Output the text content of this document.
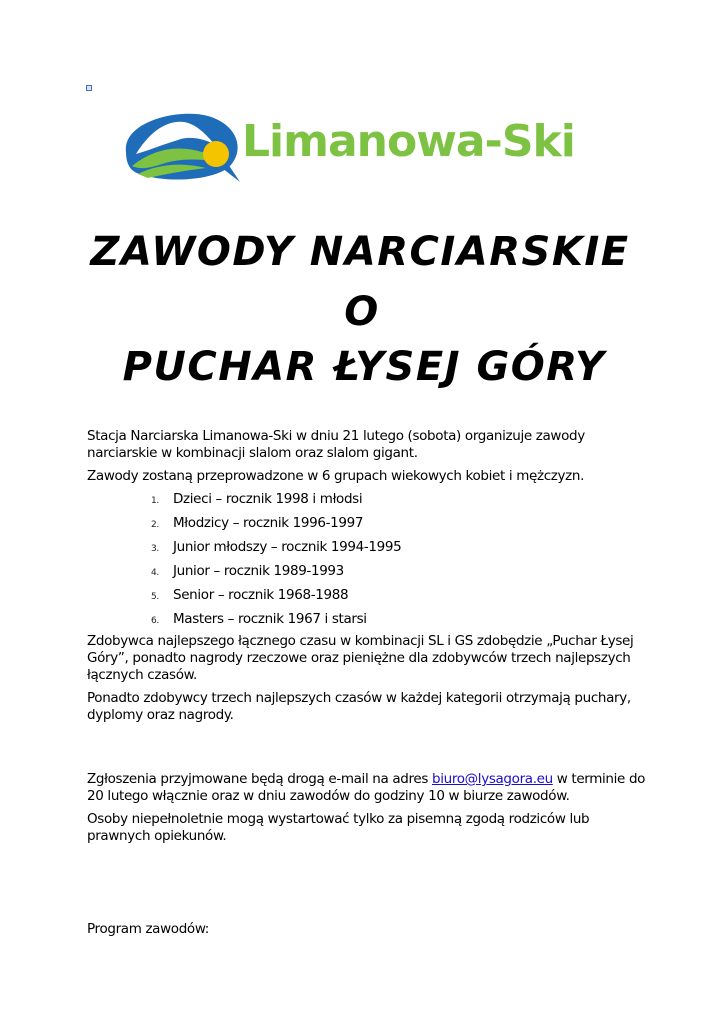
Limanowa-Ski
ZAWODY NARCIARSKIE
O
PUCHAR ŁYSEJ GÓRY

Stacja Narciarska Limanowa-Ski w dniu 21 lutego (sobota) organizuje zawody narciarskie w kombinacji slalom oraz slalom gigant.

Zawody zostaną przeprowadzone w 6 grupach wiekowych kobiet i mężczyzn.

1. Dzieci – rocznik 1998 i młodsi
2. Młodzicy – rocznik 1996-1997
3. Junior młodszy – rocznik 1994-1995
4. Junior – rocznik 1989-1993
5. Senior – rocznik 1968-1988
6. Masters – rocznik 1967 i starsi

Zdobywca najlepszego łącznego czasu w kombinacji SL i GS zdobędzie „Puchar Łysej Góry”, ponadto nagrody rzeczowe oraz pieniężne dla zdobywców trzech najlepszych łącznych czasów.

Ponadto zdobywcy trzech najlepszych czasów w każdej kategorii otrzymają puchary, dyplomy oraz nagrody.

Zgłoszenia przyjmowane będą drogą e-mail na adres biuro@lysagora.eu w terminie do 20 lutego włącznie oraz w dniu zawodów do godziny 10 w biurze zawodów.

Osoby niepełnoletnie mogą wystartować tylko za pisemną zgodą rodziców lub prawnych opiekunów.

Program zawodów:
